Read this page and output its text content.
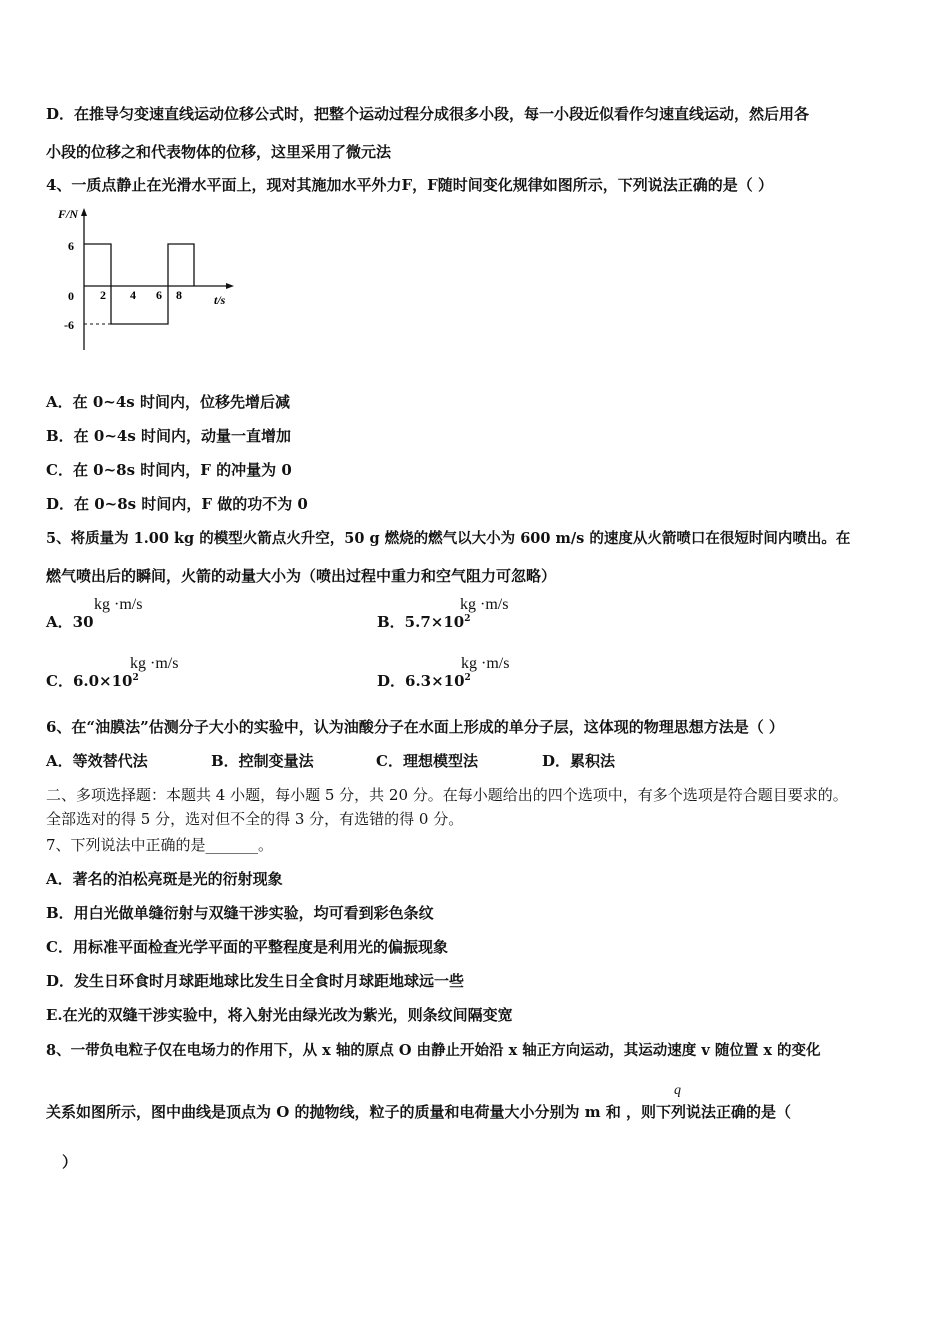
D．在推导匀变速直线运动位移公式时，把整个运动过程分成很多小段，每一小段近似看作匀速直线运动，然后用各
小段的位移之和代表物体的位移，这里采用了微元法
4、一质点静止在光滑水平面上，现对其施加水平外力F，F随时间变化规律如图所示，下列说法正确的是（ ）
F/N
6
0
-6
2 4 6 8	t/s
A．在 0~4s 时间内，位移先增后减
B．在 0~4s 时间内，动量一直增加
C．在 0~8s 时间内，F 的冲量为 0
D．在 0~8s 时间内，F 做的功不为 0
5、将质量为 1.00 kg 的模型火箭点火升空，50 g 燃烧的燃气以大小为 600 m/s 的速度从火箭喷口在很短时间内喷出。在
燃气喷出后的瞬间，火箭的动量大小为（喷出过程中重力和空气阻力可忽略）
A．30
kg ·m/s
B．$5.7\times 10^2$
kg ·m/s
C．$6.0\times 10^2$
kg ·m/s
D．$6.3\times 10^2$
kg ·m/s
6、在“油膜法”估测分子大小的实验中，认为油酸分子在水面上形成的单分子层，这体现的物理思想方法是（ ）
A．等效替代法	B．控制变量法	C．理想模型法	D．累积法
二、多项选择题：本题共 4 小题，每小题 5 分，共 20 分。在每小题给出的四个选项中，有多个选项是符合题目要求的。
全部选对的得 5 分，选对但不全的得 3 分，有选错的得 0 分。
7、下列说法中正确的是_______。
A．著名的泊松亮斑是光的衍射现象
B．用白光做单缝衍射与双缝干涉实验，均可看到彩色条纹
C．用标准平面检查光学平面的平整程度是利用光的偏振现象
D．发生日环食时月球距地球比发生日全食时月球距地球远一些
E.在光的双缝干涉实验中，将入射光由绿光改为紫光，则条纹间隔变宽
8、一带负电粒子仅在电场力的作用下，从 x 轴的原点 O 由静止开始沿 x 轴正方向运动，其运动速度 v 随位置 x 的变化
q
关系如图所示，图中曲线是顶点为 O 的抛物线，粒子的质量和电荷量大小分别为 m 和 ，则下列说法正确的是（
）
